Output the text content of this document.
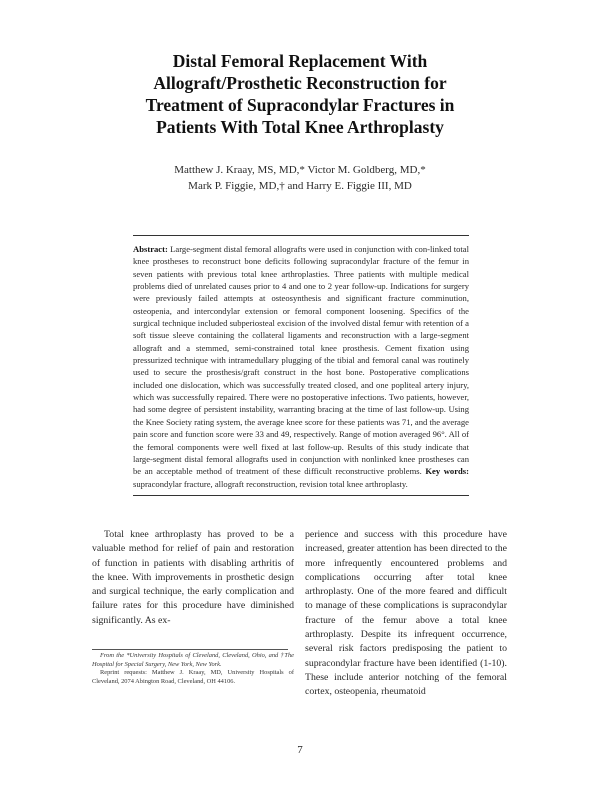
Distal Femoral Replacement With
Allograft/Prosthetic Reconstruction for
Treatment of Supracondylar Fractures in
Patients With Total Knee Arthroplasty
Matthew J. Kraay, MS, MD,* Victor M. Goldberg, MD,*
Mark P. Figgie, MD,† and Harry E. Figgie III, MD
Abstract: Large-segment distal femoral allografts were used in conjunction with con-linked total knee prostheses to reconstruct bone deficits following supracondylar fracture of the femur in seven patients with previous total knee arthroplasties. Three patients with multiple medical problems died of unrelated causes prior to 4 and one to 2 year follow-up. Indications for surgery were previously failed attempts at osteosynthesis and significant fracture comminution, osteopenia, and intercondylar extension or femoral component loosening. Specifics of the surgical technique included subperiosteal excision of the involved distal femur with retention of a soft tissue sleeve containing the collateral ligaments and reconstruction with a large-segment allograft and a stemmed, semi-constrained total knee prosthesis. Cement fixation using pressurized technique with intramedullary plugging of the tibial and femoral canal was routinely used to secure the prosthesis/graft construct in the host bone. Postoperative complications included one dislocation, which was successfully treated closed, and one popliteal artery injury, which was successfully repaired. There were no postoperative infections. Two patients, however, had some degree of persistent instability, warranting bracing at the time of last follow-up. Using the Knee Society rating system, the average knee score for these patients was 71, and the average pain score and function score were 33 and 49, respectively. Range of motion averaged 96°. All of the femoral components were well fixed at last follow-up. Results of this study indicate that large-segment distal femoral allografts used in conjunction with nonlinked knee prostheses can be an acceptable method of treatment of these difficult reconstructive problems. Key words: supracondylar fracture, allograft reconstruction, revision total knee arthroplasty.

Total knee arthroplasty has proved to be a valuable method for relief of pain and restoration of function in patients with disabling arthritis of the knee. With improvements in prosthetic design and surgical technique, the early complication and failure rates for this procedure have diminished significantly. As ex-

perience and success with this procedure have increased, greater attention has been directed to the more infrequently encountered problems and complications occurring after total knee arthroplasty. One of the more feared and difficult to manage of these complications is supracondylar fracture of the femur above a total knee arthroplasty. Despite its infrequent occurrence, several risk factors predisposing the patient to supracondylar fracture have been identified (1-10). These include anterior notching of the femoral cortex, osteopenia, rheumatoid

From the *University Hospitals of Cleveland, Cleveland, Ohio, and †The Hospital for Special Surgery, New York, New York.

Reprint requests: Matthew J. Kraay, MD, University Hospitals of Cleveland, 2074 Abington Road, Cleveland, OH 44106.

7
